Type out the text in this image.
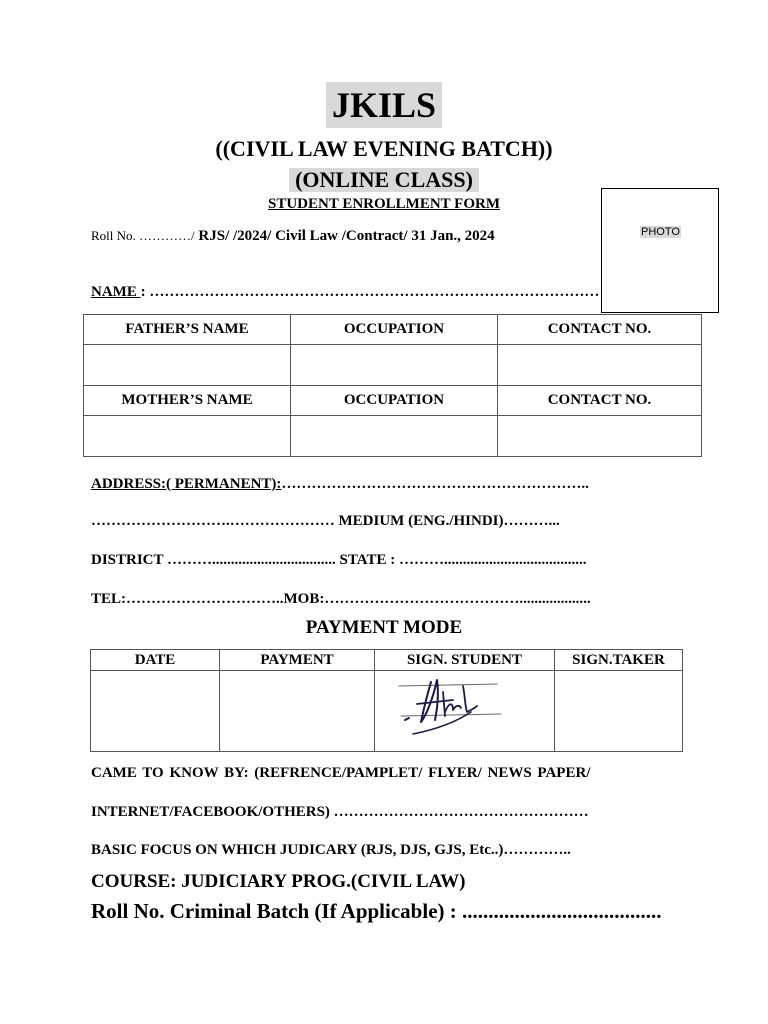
JKILS
((CIVIL LAW EVENING BATCH))
(ONLINE CLASS)
STUDENT ENROLLMENT FORM
Roll No. …………/ RJS/ /2024/ Civil Law /Contract/ 31 Jan., 2024	PHOTO
NAME : ………………………………………………………………………………
FATHER’S NAME	OCCUPATION	CONTACT NO.

MOTHER’S NAME	OCCUPATION	CONTACT NO.

ADDRESS:( PERMANENT):……………………………………………………..
……………………….………………… MEDIUM (ENG./HINDI)………...
DISTRICT ………................................. STATE : ………......................................
TEL:…………………………..MOB:…………………………………...................
PAYMENT MODE
DATE	PAYMENT	SIGN. STUDENT	SIGN.TAKER

CAME TO KNOW BY: (REFRENCE/PAMPLET/ FLYER/ NEWS PAPER/
INTERNET/FACEBOOK/OTHERS) ……………………………………………
BASIC FOCUS ON WHICH JUDICARY (RJS, DJS, GJS, Etc..)…………..
COURSE: JUDICIARY PROG.(CIVIL LAW)
Roll No. Criminal Batch (If Applicable) : ......................................
